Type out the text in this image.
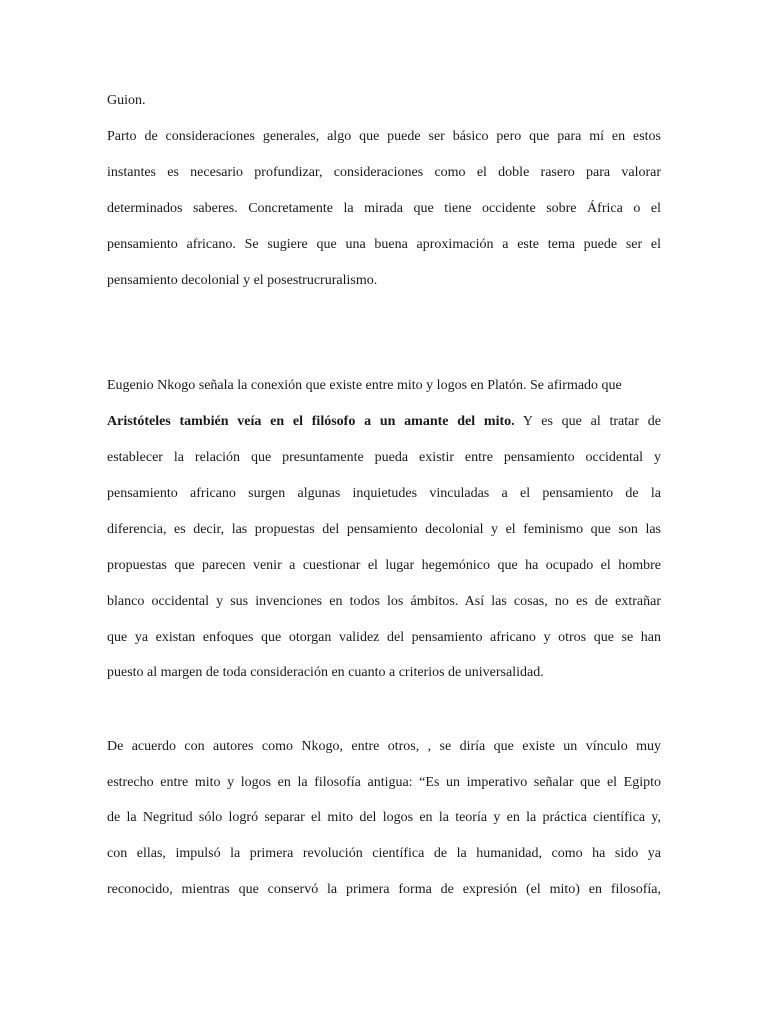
Guion.
Parto de consideraciones generales, algo que puede ser básico pero que para mí en estos
instantes es necesario profundizar, consideraciones como el doble rasero para valorar
determinados saberes. Concretamente la mirada que tiene occidente sobre África o el
pensamiento africano. Se sugiere que una buena aproximación a este tema puede ser el
pensamiento decolonial y el posestrucruralismo.
Eugenio Nkogo señala la conexión que existe entre mito y logos en Platón. Se afirmado que
Aristóteles también veía en el filósofo a un amante del mito. Y es que al tratar de
establecer la relación que presuntamente pueda existir entre pensamiento occidental y
pensamiento africano surgen algunas inquietudes vinculadas a el pensamiento de la
diferencia, es decir, las propuestas del pensamiento decolonial y el feminismo que son las
propuestas que parecen venir a cuestionar el lugar hegemónico que ha ocupado el hombre
blanco occidental y sus invenciones en todos los ámbitos. Así las cosas, no es de extrañar
que ya existan enfoques que otorgan validez del pensamiento africano y otros que se han
puesto al margen de toda consideración en cuanto a criterios de universalidad.
De acuerdo con autores como Nkogo, entre otros, , se diría que existe un vínculo muy
estrecho entre mito y logos en la filosofía antigua: “Es un imperativo señalar que el Egipto
de la Negritud sólo logró separar el mito del logos en la teoría y en la práctica científica y,
con ellas, impulsó la primera revolución científica de la humanidad, como ha sido ya
reconocido, mientras que conservó la primera forma de expresión (el mito) en filosofía,
